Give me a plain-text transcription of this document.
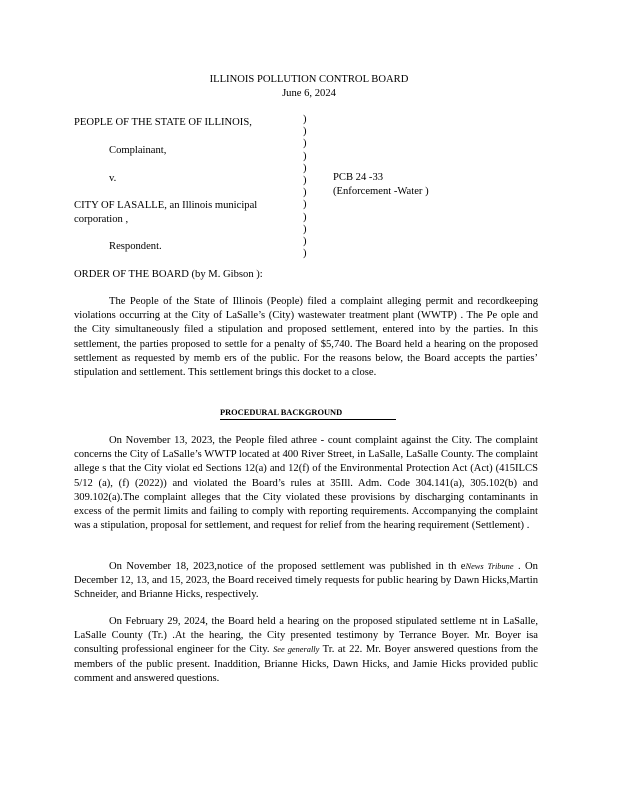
ILLINOIS POLLUTION CONTROL BOARD
June 6, 2024
PEOPLE OF THE STATE OF ILLINOIS,
Complainant,
v.
CITY OF LASALLE, an Illinois municipal
corporation ,
Respondent.
)
)
)
)
)
)
)
)
)
)
)
)
PCB 24 -33
(Enforcement -Water )
ORDER OF THE BOARD (by M. Gibson ):
The People of the State of Illinois (People) filed a complaint alleging permit and recordkeeping violations occurring at the City of LaSalle’s (City) wastewater treatment plant (WWTP) . The Pe ople and the City simultaneously filed a stipulation and proposed settlement, entered into by the parties. In this settlement, the parties proposed to settle for a penalty of $5,740. The Board held a hearing on the proposed settlement as requested by memb ers of the public. For the reasons below, the Board accepts the parties’ stipulation and settlement. This settlement brings this docket to a close.
PROCEDURAL BACKGROUND
On November 13, 2023, the People filed athree - count complaint against the City. The complaint concerns the City of LaSalle’s WWTP located at 400 River Street, in LaSalle, LaSalle County. The complaint allege s that the City violat ed Sections 12(a) and 12(f) of the Environmental Protection Act (Act) (415ILCS 5/12 (a), (f) (2022)) and violated the Board’s rules at 35Ill. Adm. Code 304.141(a), 305.102(b) and 309.102(a).The complaint alleges that the City violated these provisions by discharging contaminants in excess of the permit limits and failing to comply with reporting requirements. Accompanying the complaint was a stipulation, proposal for settlement, and request for relief from the hearing requirement (Settlement) .
On November 18, 2023,notice of the proposed settlement was published in th eNews Tribune . On December 12, 13, and 15, 2023, the Board received timely requests for public hearing by Dawn Hicks,Martin Schneider, and Brianne Hicks, respectively.
On February 29, 2024, the Board held a hearing on the proposed stipulated settleme nt in LaSalle, LaSalle County (Tr.) .At the hearing, the City presented testimony by Terrance Boyer. Mr. Boyer isa consulting professional engineer for the City. See generally Tr. at 22. Mr. Boyer answered questions from the members of the public present. Inaddition, Brianne Hicks, Dawn Hicks, and Jamie Hicks provided public comment and answered questions.
